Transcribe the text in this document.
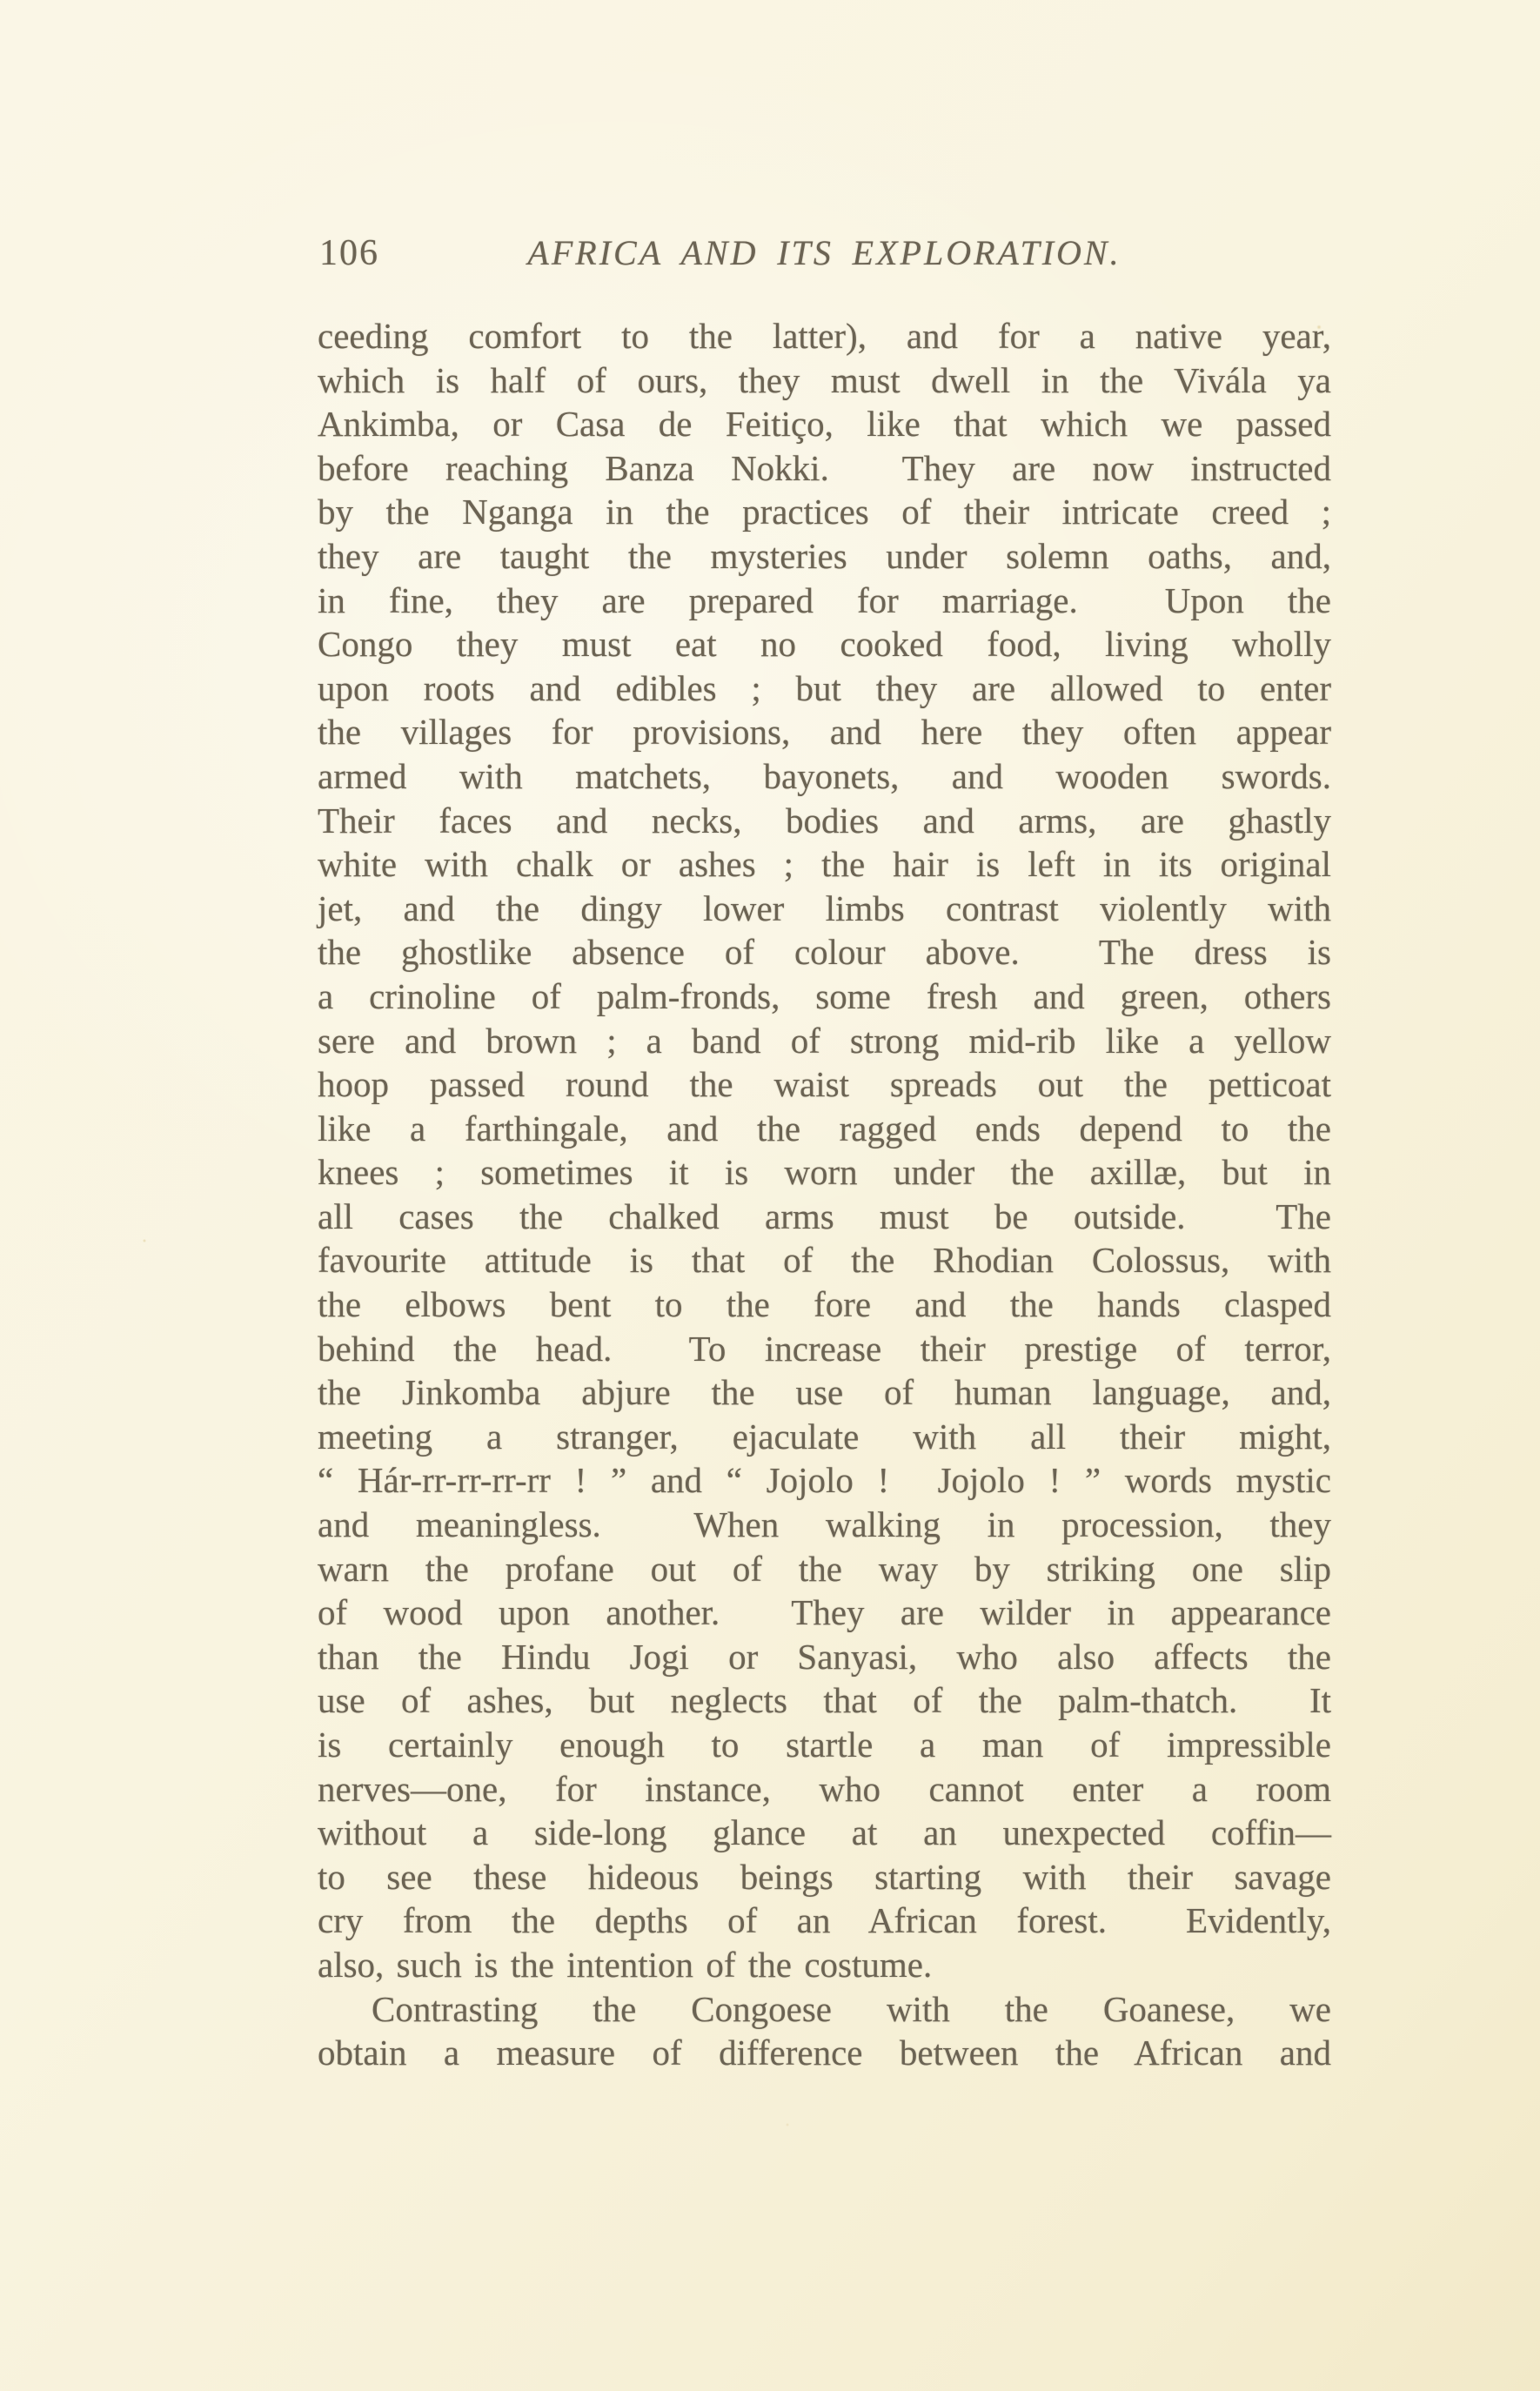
106	AFRICA AND ITS EXPLORATION.
ceeding comfort to the latter), and for a native year,
which is half of ours, they must dwell in the Vivála ya
Ankimba, or Casa de Feitiço, like that which we passed
before reaching Banza Nokki.  They are now instructed
by the Nganga in the practices of their intricate creed ;
they are taught the mysteries under solemn oaths, and,
in fine, they are prepared for marriage.  Upon the
Congo they must eat no cooked food, living wholly
upon roots and edibles ; but they are allowed to enter
the villages for provisions, and here they often appear
armed with matchets, bayonets, and wooden swords.
Their faces and necks, bodies and arms, are ghastly
white with chalk or ashes ; the hair is left in its original
jet, and the dingy lower limbs contrast violently with
the ghostlike absence of colour above.  The dress is
a crinoline of palm-fronds, some fresh and green, others
sere and brown ; a band of strong mid-rib like a yellow
hoop passed round the waist spreads out the petticoat
like a farthingale, and the ragged ends depend to the
knees ; sometimes it is worn under the axillæ, but in
all cases the chalked arms must be outside.  The
favourite attitude is that of the Rhodian Colossus, with
the elbows bent to the fore and the hands clasped
behind the head.  To increase their prestige of terror,
the Jinkomba abjure the use of human language, and,
meeting a stranger, ejaculate with all their might,
“ Hár-rr-rr-rr-rr ! ” and “ Jojolo !  Jojolo ! ” words mystic
and meaningless.  When walking in procession, they
warn the profane out of the way by striking one slip
of wood upon another.  They are wilder in appearance
than the Hindu Jogi or Sanyasi, who also affects the
use of ashes, but neglects that of the palm-thatch.  It
is certainly enough to startle a man of impressible
nerves—one, for instance, who cannot enter a room
without a side-long glance at an unexpected coffin—
to see these hideous beings starting with their savage
cry from the depths of an African forest.  Evidently,
also, such is the intention of the costume.
Contrasting the Congoese with the Goanese, we
obtain a measure of difference between the African and
